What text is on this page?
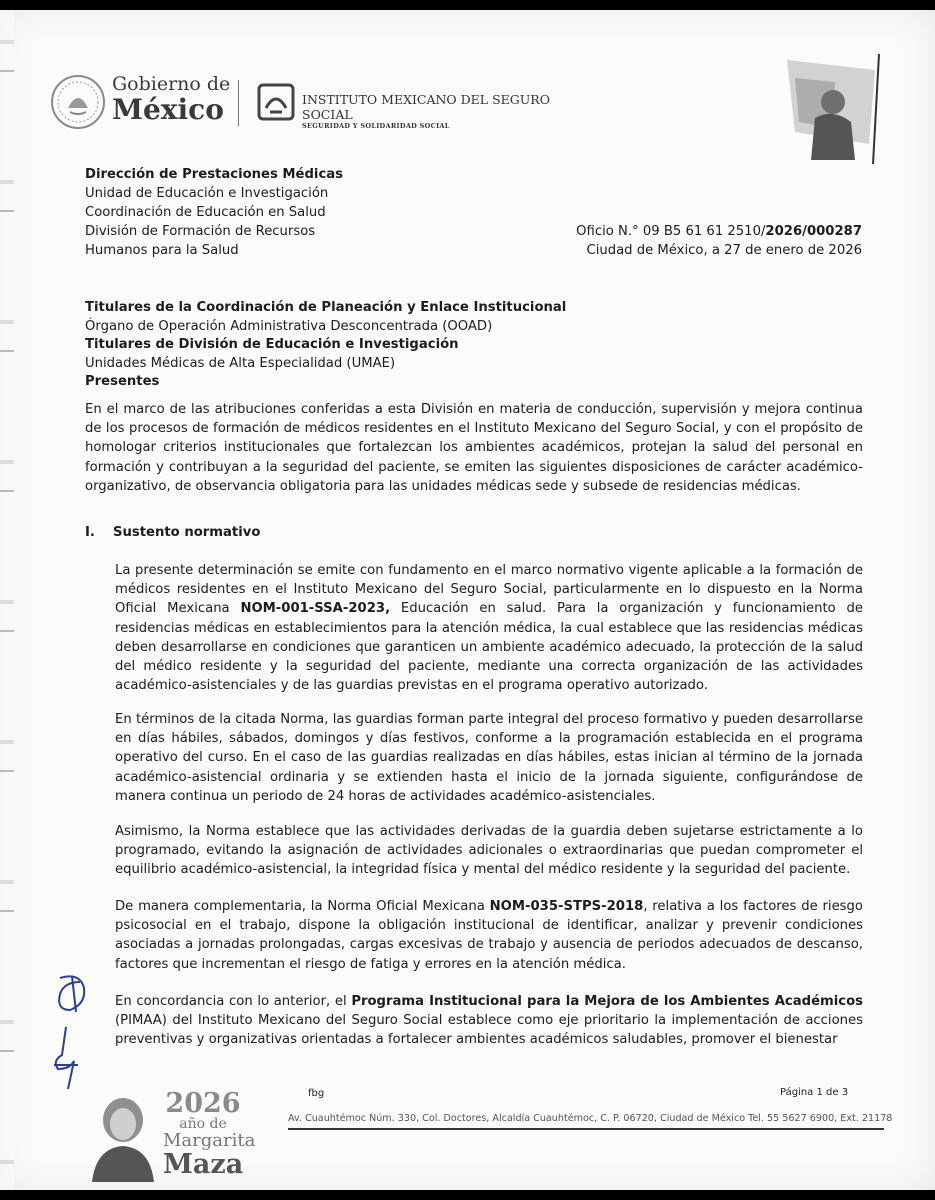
Gobierno de
México	INSTITUTO MEXICANO DEL SEGURO SOCIAL
SEGURIDAD Y SOLIDARIDAD SOCIAL
Dirección de Prestaciones Médicas
Unidad de Educación e Investigación
Coordinación de Educación en Salud
División de Formación de Recursos
Humanos para la Salud
Oficio N.° 09 B5 61 61 2510/2026/000287
Ciudad de México, a 27 de enero de 2026
Titulares de la Coordinación de Planeación y Enlace Institucional
Órgano de Operación Administrativa Desconcentrada (OOAD)
Titulares de División de Educación e Investigación
Unidades Médicas de Alta Especialidad (UMAE)
Presentes
En el marco de las atribuciones conferidas a esta División en materia de conducción, supervisión y mejora continua de los procesos de formación de médicos residentes en el Instituto Mexicano del Seguro Social, y con el propósito de homologar criterios institucionales que fortalezcan los ambientes académicos, protejan la salud del personal en formación y contribuyan a la seguridad del paciente, se emiten las siguientes disposiciones de carácter académico-organizativo, de observancia obligatoria para las unidades médicas sede y subsede de residencias médicas.
I. Sustento normativo
La presente determinación se emite con fundamento en el marco normativo vigente aplicable a la formación de médicos residentes en el Instituto Mexicano del Seguro Social, particularmente en lo dispuesto en la Norma Oficial Mexicana NOM-001-SSA-2023, Educación en salud. Para la organización y funcionamiento de residencias médicas en establecimientos para la atención médica, la cual establece que las residencias médicas deben desarrollarse en condiciones que garanticen un ambiente académico adecuado, la protección de la salud del médico residente y la seguridad del paciente, mediante una correcta organización de las actividades académico-asistenciales y de las guardias previstas en el programa operativo autorizado.
En términos de la citada Norma, las guardias forman parte integral del proceso formativo y pueden desarrollarse en días hábiles, sábados, domingos y días festivos, conforme a la programación establecida en el programa operativo del curso. En el caso de las guardias realizadas en días hábiles, estas inician al término de la jornada académico-asistencial ordinaria y se extienden hasta el inicio de la jornada siguiente, configurándose de manera continua un periodo de 24 horas de actividades académico-asistenciales.
Asimismo, la Norma establece que las actividades derivadas de la guardia deben sujetarse estrictamente a lo programado, evitando la asignación de actividades adicionales o extraordinarias que puedan comprometer el equilibrio académico-asistencial, la integridad física y mental del médico residente y la seguridad del paciente.
De manera complementaria, la Norma Oficial Mexicana NOM-035-STPS-2018, relativa a los factores de riesgo psicosocial en el trabajo, dispone la obligación institucional de identificar, analizar y prevenir condiciones asociadas a jornadas prolongadas, cargas excesivas de trabajo y ausencia de periodos adecuados de descanso, factores que incrementan el riesgo de fatiga y errores en la atención médica.
En concordancia con lo anterior, el Programa Institucional para la Mejora de los Ambientes Académicos (PIMAA) del Instituto Mexicano del Seguro Social establece como eje prioritario la implementación de acciones preventivas y organizativas orientadas a fortalecer ambientes académicos saludables, promover el bienestar
2026
año de
Margarita
Maza
fbg	Página 1 de 3
Av. Cuauhtémoc Núm. 330, Col. Doctores, Alcaldía Cuauhtémoc, C. P. 06720, Ciudad de México Tel. 55 5627 6900, Ext. 21178
